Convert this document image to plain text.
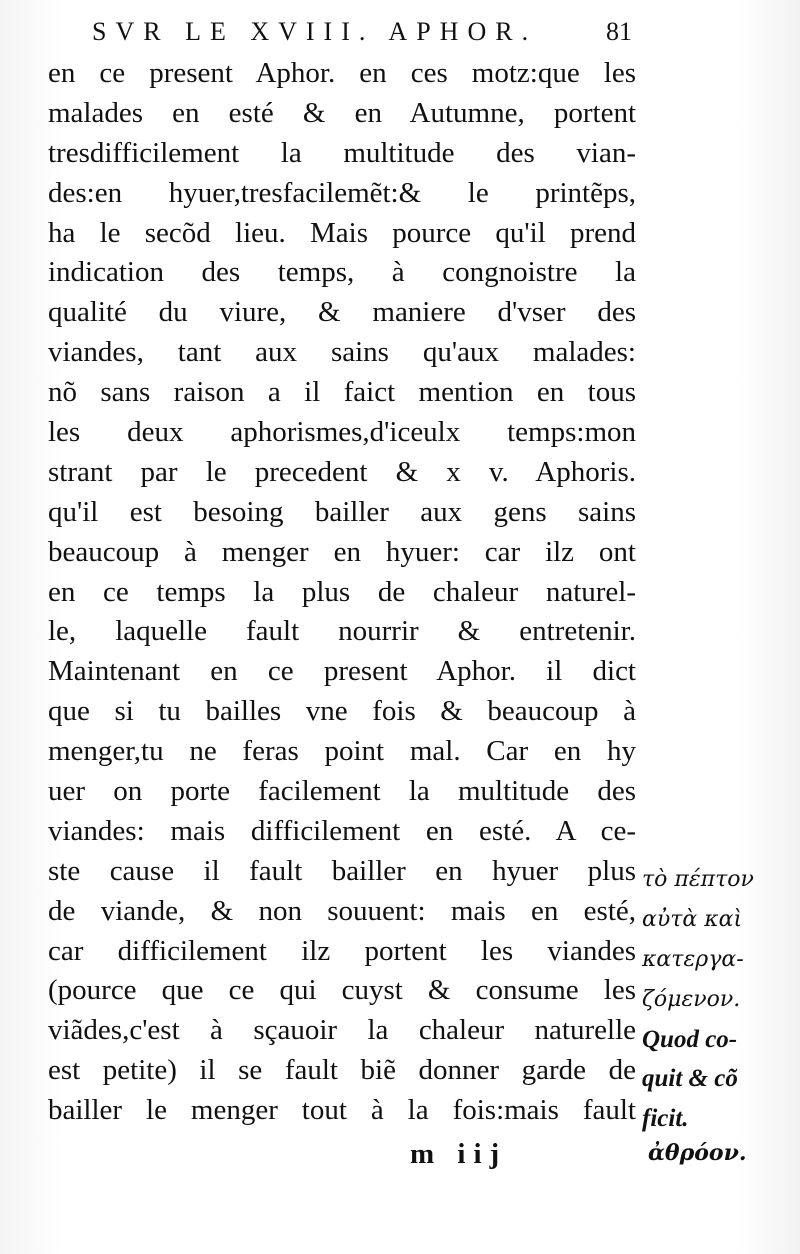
SVR LE XVIII. APHOR.	81
en ce present Aphor. en ces motz:que les
malades en esté & en Autumne, portent
tresdifficilement la multitude des vian-
des:en hyuer,tresfacilemẽt:& le printẽps,
ha le secõd lieu. Mais pource qu'il prend
indication des temps, à congnoistre la
qualité du viure, & maniere d'vser des
viandes, tant aux sains qu'aux malades:
nõ sans raison a il faict mention en tous
les deux aphorismes,d'iceulx temps:mon
strant par le precedent & x v. Aphoris.
qu'il est besoing bailler aux gens sains
beaucoup à menger en hyuer: car ilz ont
en ce temps la plus de chaleur naturel-
le, laquelle fault nourrir & entretenir.
Maintenant en ce present Aphor. il dict
que si tu bailles vne fois & beaucoup à
menger,tu ne feras point mal. Car en hy
uer on porte facilement la multitude des
viandes: mais difficilement en esté. A ce-
ste cause il fault bailler en hyuer plus
de viande, & non souuent: mais en esté,
car difficilement ilz portent les viandes
(pource que ce qui cuyst & consume les
viãdes,c'est à sçauoir la chaleur naturelle
est petite) il se fault biẽ donner garde de
bailler le menger tout à la fois:mais fault
τὸ πέπτον
αὐτὰ καὶ
κατεργα-
ζόμενον.
Quod co-
quit & cõ
ficit.
m iij	ἀθρόον.
